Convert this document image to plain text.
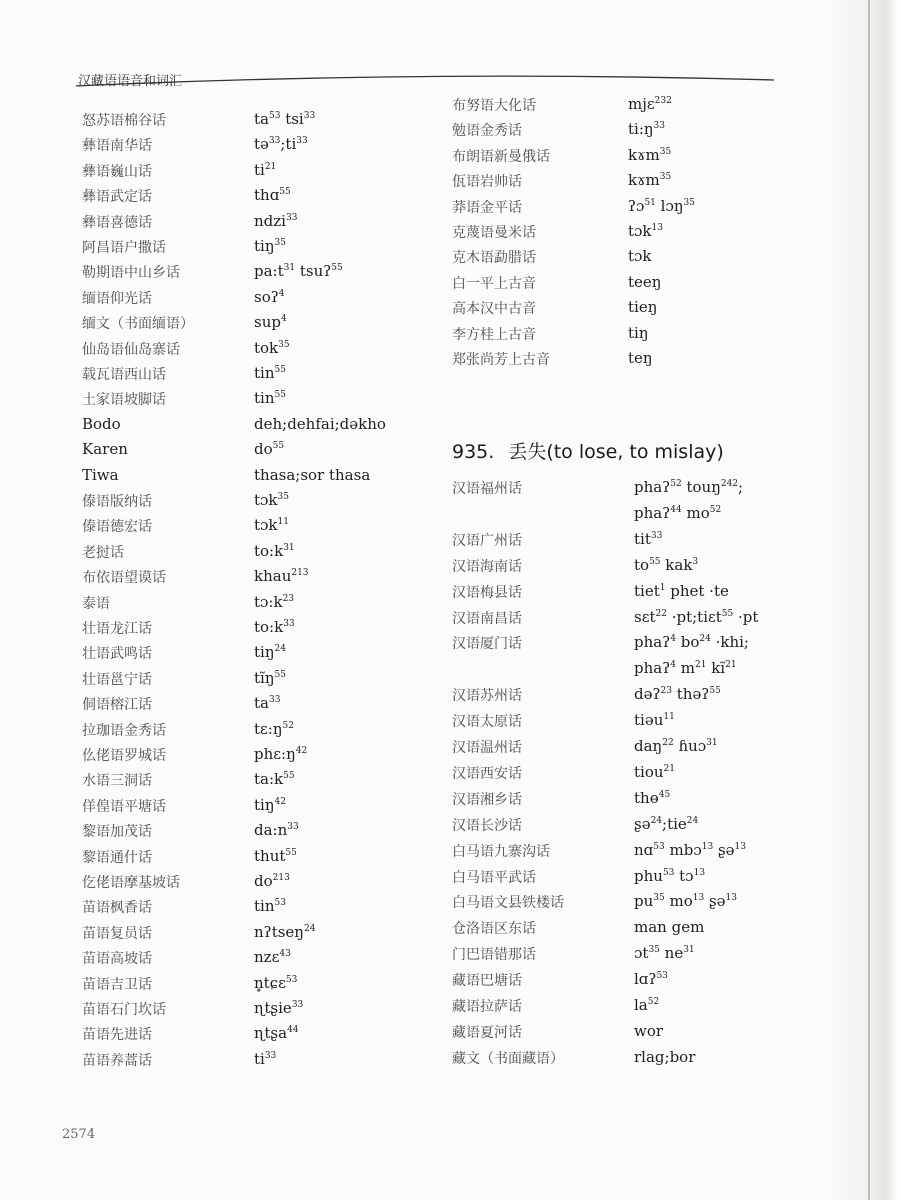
汉藏语语音和词汇
怒苏语棉谷话	$ta^{53}$ tsi$^{33}$
彝语南华话	$tə^{33};ti^{33}$
彝语巍山话	$ti^{21}$
彝语武定话	thɑ$^{55}$
彝语喜德话	ndzi$^{33}$
阿昌语户撒话	tiŋ$^{35}$
勒期语中山乡话	$pa:t^{31}$ tsuʔ$^{55}$
缅语仰光话	soʔ$^4$
缅文（书面缅语）	sup$^4$
仙岛语仙岛寨话	tok$^{35}$
载瓦语西山话	tin$^{55}$
土家语坡脚话	tin$^{55}$
Bodo	deh;dehfai;dəkho
Karen	$do^{55}$
Tiwa	thasa;sor thasa
傣语版纳话	tɔk$^{35}$
傣语德宏话	tɔk$^{11}$
老挝话	$to:k^{31}$
布依语望谟话	khau$^{213}$
泰语	$tɔ:k^{23}$
壮语龙江话	$to:k^{33}$
壮语武鸣话	tiŋ$^{24}$
壮语邕宁话	tĩŋ$^{55}$
侗语榕江话	$ta^{33}$
拉珈语金秀话	$tɛ:ŋ^{52}$
仫佬语罗城话	$phɛ:ŋ^{42}$
水语三洞话	$ta:k^{55}$
佯偟语平塘话	tiŋ$^{42}$
黎语加茂话	$da:n^{33}$
黎语通什话	thut$^{55}$
仡佬语摩基坡话	$do^{213}$
苗语枫香话	tin$^{53}$
苗语复员话	nʔtseŋ$^{24}$
苗语高坡话	nzɛ$^{43}$
苗语吉卫话	n̥tɕɛ$^{53}$
苗语石门坎话	ɳtʂie$^{33}$
苗语先进话	ɳtʂa$^{44}$
苗语养蒿话	$ti^{33}$
布努语大化话	mjɛ$^{232}$
勉语金秀话	$ti:ŋ^{33}$
布朗语新曼俄话	kɤm$^{35}$
佤语岩帅话	kɤm$^{35}$
莽语金平话	ʔɔ$^{51}$ lɔŋ$^{35}$
克蔑语曼米话	tɔk$^{13}$
克木语勐腊话	tɔk
白一平上古音	teeŋ
高本汉中古音	tieŋ
李方桂上古音	tiŋ
郑张尚芳上古音	teŋ
935. 丢失(to lose, to mislay)
汉语福州话	phaʔ$^{52}$ touŋ$^{242}$;
phaʔ$^{44}$ $mo^{52}$
汉语广州话	tit$^{33}$
汉语海南话	$to^{55}$ kak$^3$
汉语梅县话	tiet$^1$ phet ·te
汉语南昌话	sɛt$^{22}$ ·pt;tiɛt$^{55}$ ·pt
汉语厦门话	phaʔ$^4$ $bo^{24} \cdot khi$;
phaʔ$^4$ $m^{21}$ $kĩ^{21}$
汉语苏州话	dəʔ$^{23}$ thəʔ$^{55}$
汉语太原话	tiəu$^{11}$
汉语温州话	daŋ$^{22}$ ɦuɔ$^{31}$
汉语西安话	tiou$^{21}$
汉语湘乡话	thɵ$^{45}$
汉语长沙话	ʂə$^{24}$;tie$^{24}$
白马语九寨沟话	nɑ$^{53}$ mbɔ$^{13}$ ʂə$^{13}$
白马语平武话	phu$^{53}$ tɔ$^{13}$
白马语文县铁楼话	$pu^{35}$ $mo^{13}$ ʂə$^{13}$
仓洛语区东话	man gem
门巴语错那话	ɔt$^{35}$ $ne^{31}$
藏语巴塘话	lɑʔ$^{53}$
藏语拉萨话	$la^{52}$
藏语夏河话	wor
藏文（书面藏语）	rlag;bor
2574
